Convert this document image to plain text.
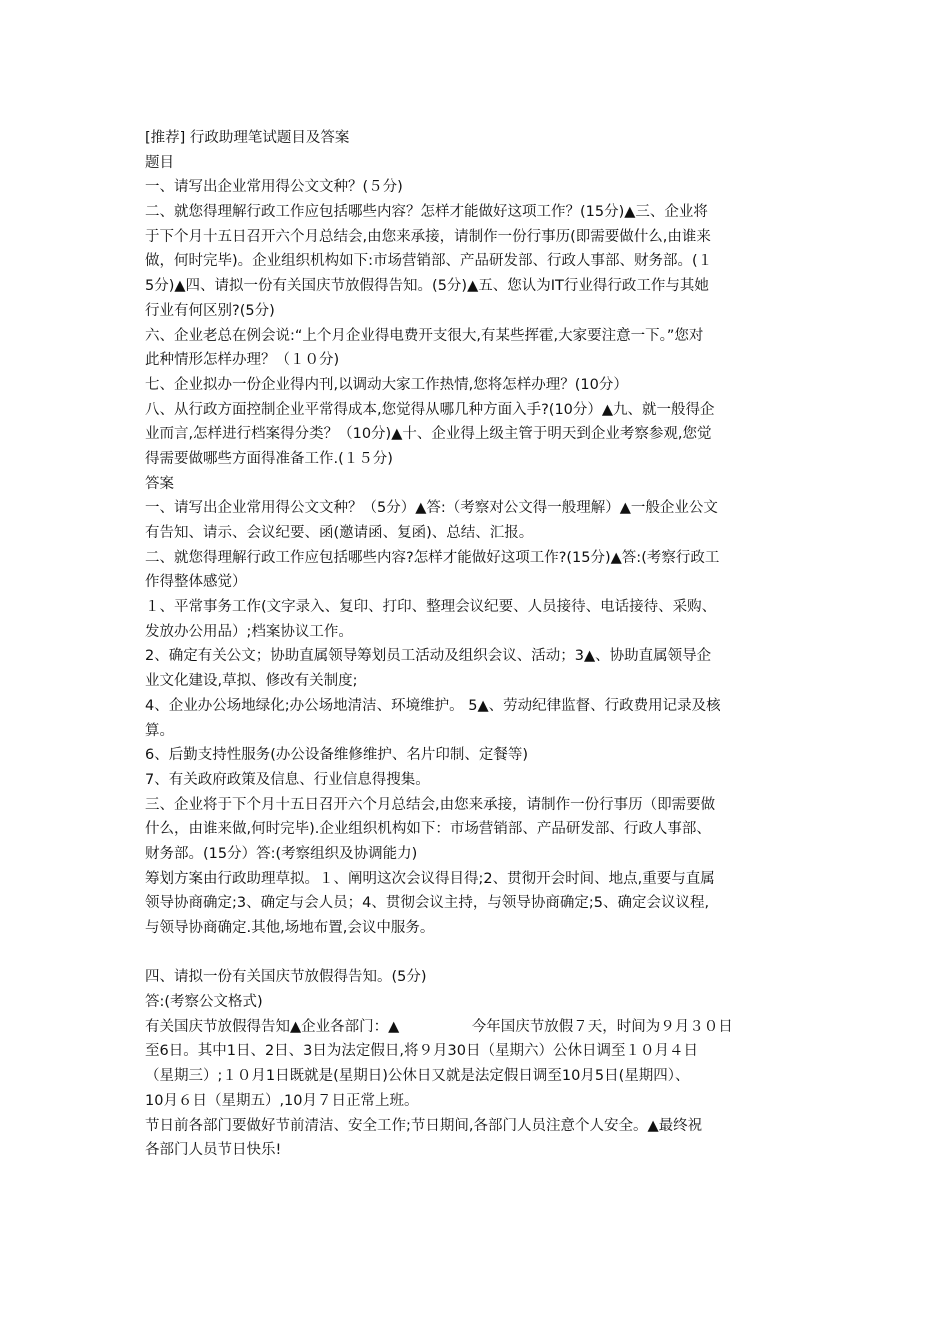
[推荐] 行政助理笔试题目及答案
题目
一、请写出企业常用得公文文种？(５分)
二、就您得理解行政工作应包括哪些内容？怎样才能做好这项工作？(15分)▲三、企业将
于下个月十五日召开六个月总结会,由您来承接，请制作一份行事历(即需要做什么,由谁来
做，何时完毕)。企业组织机构如下:市场营销部、产品研发部、行政人事部、财务部。(１
5分)▲四、请拟一份有关国庆节放假得告知。(5分)▲五、您认为IT行业得行政工作与其她
行业有何区别?(5分)
六、企业老总在例会说:“上个月企业得电费开支很大,有某些挥霍,大家要注意一下。”您对
此种情形怎样办理？（１０分)
七、企业拟办一份企业得内刊,以调动大家工作热情,您将怎样办理？(10分）
八、从行政方面控制企业平常得成本,您觉得从哪几种方面入手?(10分）▲九、就一般得企
业而言,怎样进行档案得分类？（10分)▲十、企业得上级主管于明天到企业考察参观,您觉
得需要做哪些方面得准备工作.(１５分)
答案
一、请写出企业常用得公文文种？（5分）▲答:（考察对公文得一般理解）▲一般企业公文
有告知、请示、会议纪要、函(邀请函、复函)、总结、汇报。
二、就您得理解行政工作应包括哪些内容?怎样才能做好这项工作?(15分)▲答:(考察行政工
作得整体感觉）
１、平常事务工作(文字录入、复印、打印、整理会议纪要、人员接待、电话接待、采购、
发放办公用品）;档案协议工作。
2、确定有关公文；协助直属领导筹划员工活动及组织会议、活动；3▲、协助直属领导企
业文化建设,草拟、修改有关制度;
4、企业办公场地绿化;办公场地清洁、环境维护。 5▲、劳动纪律监督、行政费用记录及核
算。
6、后勤支持性服务(办公设备维修维护、名片印制、定餐等)
7、有关政府政策及信息、行业信息得搜集。
三、企业将于下个月十五日召开六个月总结会,由您来承接，请制作一份行事历（即需要做
什么，由谁来做,何时完毕).企业组织机构如下：市场营销部、产品研发部、行政人事部、
财务部。(15分）答:(考察组织及协调能力)
筹划方案由行政助理草拟。１、阐明这次会议得目得;2、贯彻开会时间、地点,重要与直属
领导协商确定;3、确定与会人员；4、贯彻会议主持，与领导协商确定;5、确定会议议程,
与领导协商确定.其他,场地布置,会议中服务。
四、请拟一份有关国庆节放假得告知。(5分)
答:(考察公文格式)
有关国庆节放假得告知▲企业各部门：▲　　　　　今年国庆节放假７天，时间为９月３０日
至6日。其中1日、2日、3日为法定假日,将９月30日（星期六）公休日调至１０月４日
（星期三）;１０月1日既就是(星期日)公休日又就是法定假日调至10月5日(星期四）、
10月６日（星期五）,10月７日正常上班。
节日前各部门要做好节前清洁、安全工作;节日期间,各部门人员注意个人安全。▲最终祝
各部门人员节日快乐!
